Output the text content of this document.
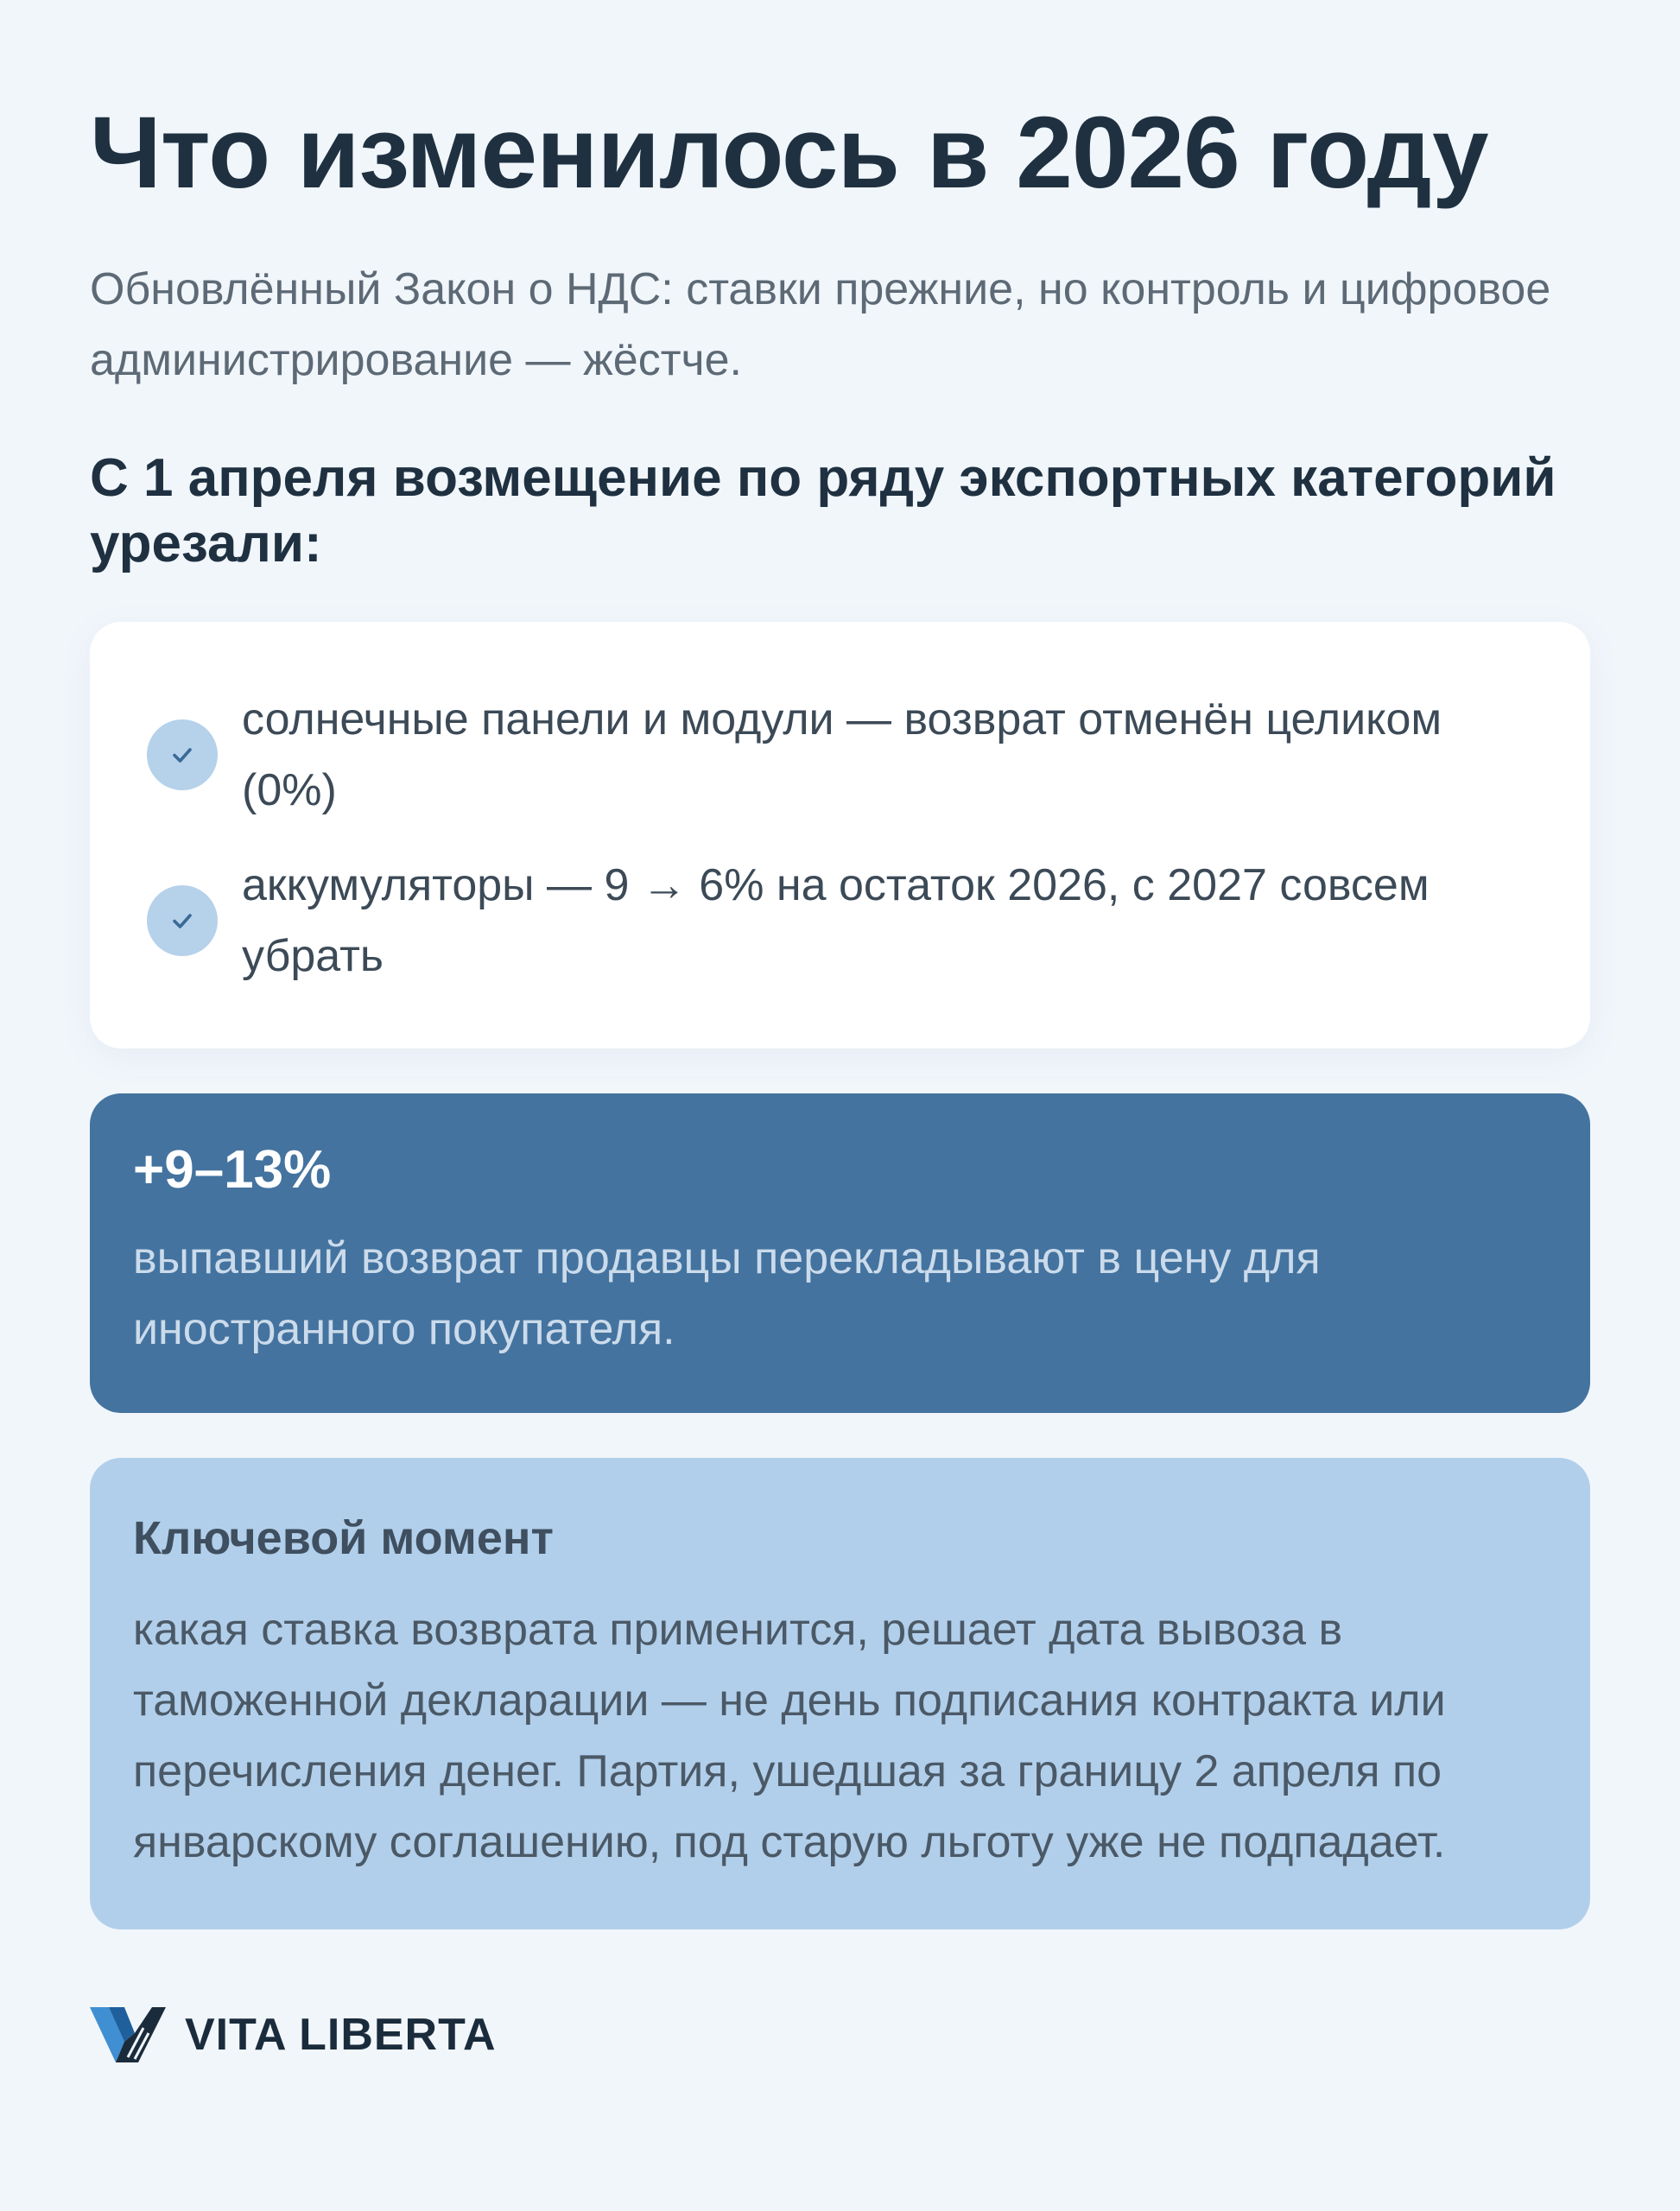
Что изменилось в 2026 году

Обновлённый Закон о НДС: ставки прежние, но контроль и цифровое администрирование — жёстче.

С 1 апреля возмещение по ряду экспортных категорий урезали:
солнечные панели и модули — возврат отменён целиком (0%)
аккумуляторы — 9 → 6% на остаток 2026, с 2027 совсем убрать
+9–13%
выпавший возврат продавцы перекладывают в цену для иностранного покупателя.
Ключевой момент
какая ставка возврата применится, решает дата вывоза в таможенной декларации — не день подписания контракта или перечисления денег. Партия, ушедшая за границу 2 апреля по январскому соглашению, под старую льготу уже не подпадает.
VITA LIBERTA
